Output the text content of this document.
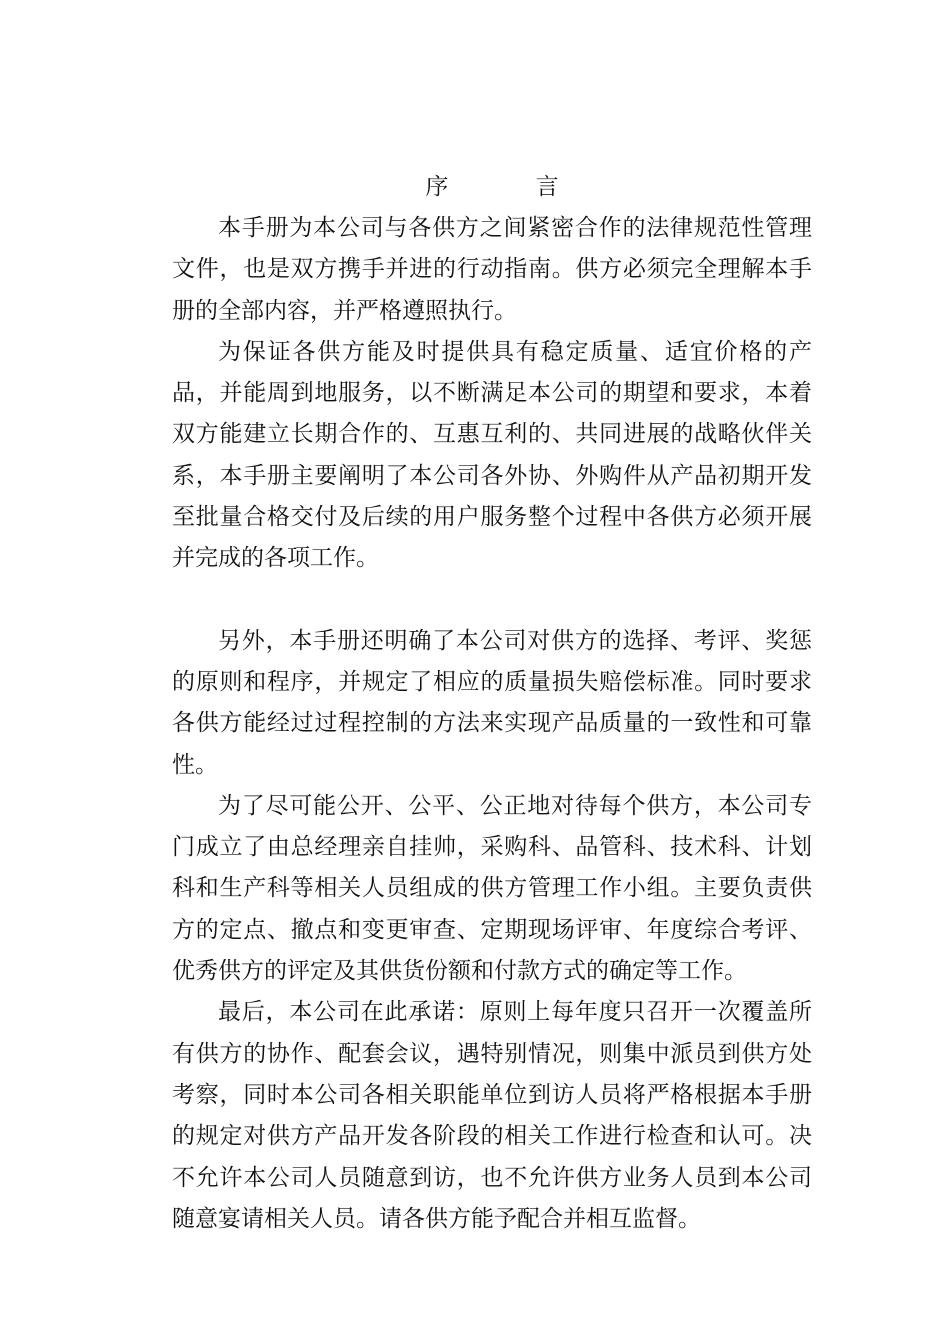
序 言

本手册为本公司与各供方之间紧密合作的法律规范性管理文件，也是双方携手并进的行动指南。供方必须完全理解本手册的全部内容，并严格遵照执行。

为保证各供方能及时提供具有稳定质量、适宜价格的产品，并能周到地服务，以不断满足本公司的期望和要求，本着双方能建立长期合作的、互惠互利的、共同进展的战略伙伴关系，本手册主要阐明了本公司各外协、外购件从产品初期开发至批量合格交付及后续的用户服务整个过程中各供方必须开展并完成的各项工作。

另外，本手册还明确了本公司对供方的选择、考评、奖惩的原则和程序，并规定了相应的质量损失赔偿标准。同时要求各供方能经过过程控制的方法来实现产品质量的一致性和可靠性。

为了尽可能公开、公平、公正地对待每个供方，本公司专门成立了由总经理亲自挂帅，采购科、品管科、技术科、计划科和生产科等相关人员组成的供方管理工作小组。主要负责供方的定点、撤点和变更审查、定期现场评审、年度综合考评、优秀供方的评定及其供货份额和付款方式的确定等工作。

最后，本公司在此承诺：原则上每年度只召开一次覆盖所有供方的协作、配套会议，遇特别情况，则集中派员到供方处考察，同时本公司各相关职能单位到访人员将严格根据本手册的规定对供方产品开发各阶段的相关工作进行检查和认可。决不允许本公司人员随意到访，也不允许供方业务人员到本公司随意宴请相关人员。请各供方能予配合并相互监督。
